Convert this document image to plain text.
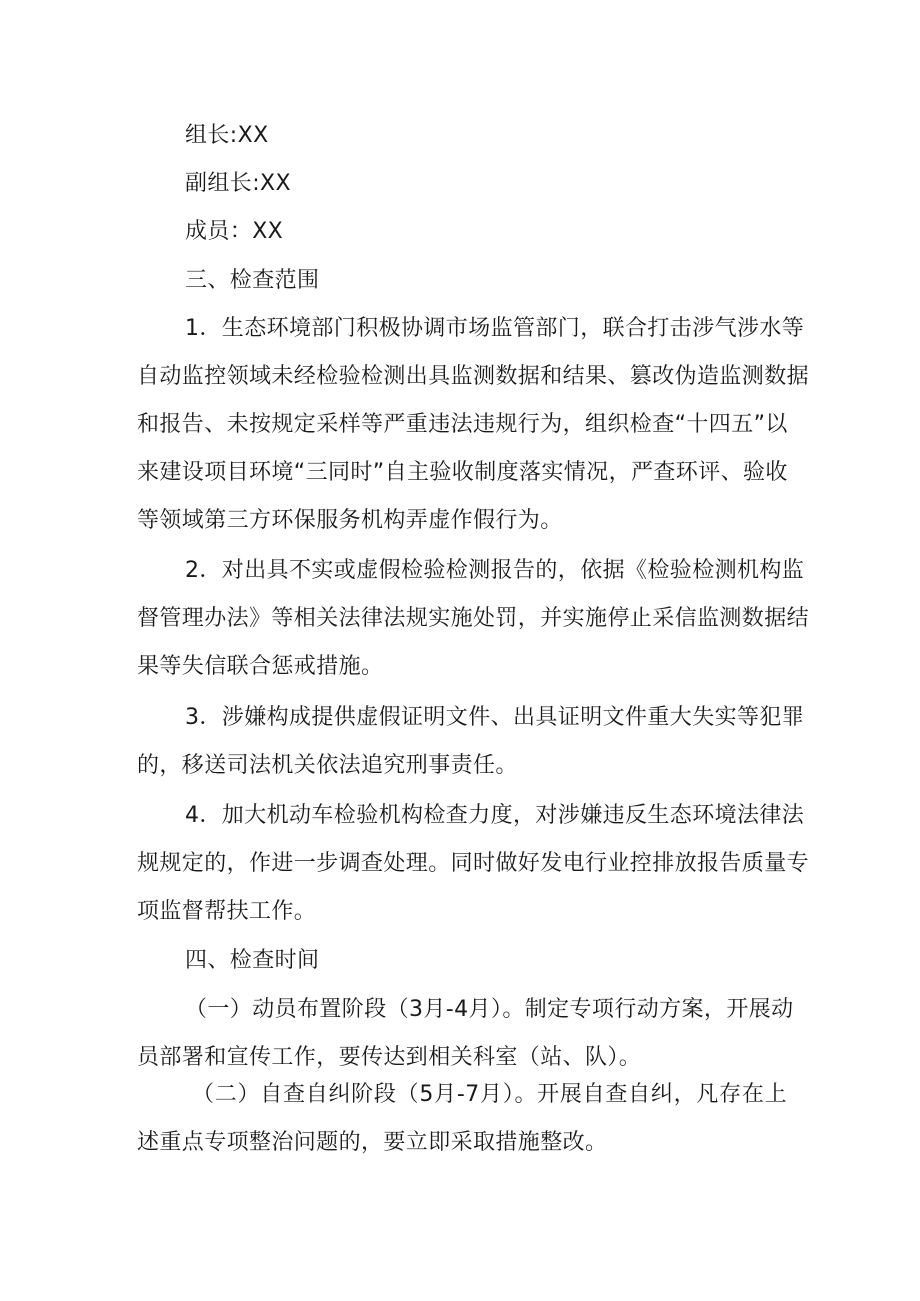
组长:XX
副组长:XX
成员：XX
三、检查范围
1．生态环境部门积极协调市场监管部门，联合打击涉气涉水等
自动监控领域未经检验检测出具监测数据和结果、篡改伪造监测数据
和报告、未按规定采样等严重违法违规行为，组织检查“十四五”以
来建设项目环境“三同时”自主验收制度落实情况，严查环评、验收
等领域第三方环保服务机构弄虚作假行为。
2．对出具不实或虚假检验检测报告的，依据《检验检测机构监
督管理办法》等相关法律法规实施处罚，并实施停止采信监测数据结
果等失信联合惩戒措施。
3．涉嫌构成提供虚假证明文件、出具证明文件重大失实等犯罪
的，移送司法机关依法追究刑事责任。
4．加大机动车检验机构检查力度，对涉嫌违反生态环境法律法
规规定的，作进一步调查处理。同时做好发电行业控排放报告质量专
项监督帮扶工作。
四、检查时间
（一）动员布置阶段（3月-4月）。制定专项行动方案，开展动
员部署和宣传工作，要传达到相关科室（站、队）。
（二）自查自纠阶段（5月-7月）。开展自查自纠，凡存在上
述重点专项整治问题的，要立即采取措施整改。
